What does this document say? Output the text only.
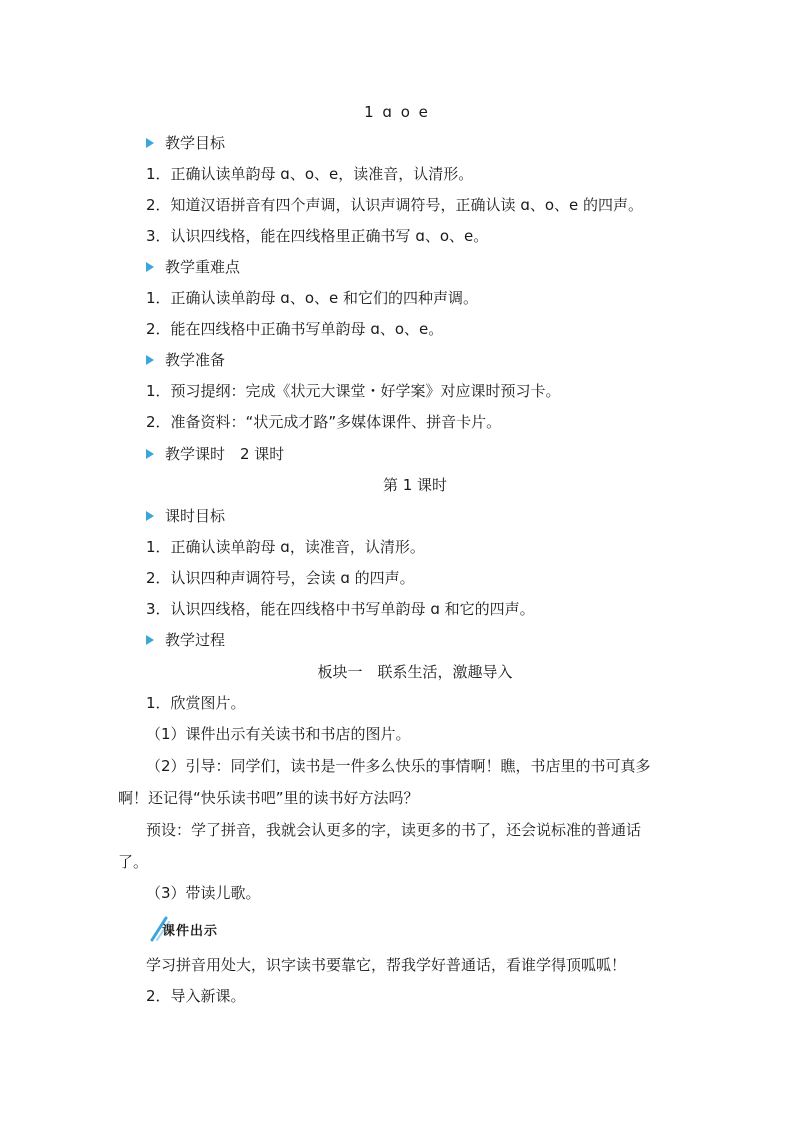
1 ɑ o e
教学目标
1．正确认读单韵母 ɑ、o、e，读准音，认清形。
2．知道汉语拼音有四个声调，认识声调符号，正确认读 ɑ、o、e 的四声。
3．认识四线格，能在四线格里正确书写 ɑ、o、e。
教学重难点
1．正确认读单韵母 ɑ、o、e 和它们的四种声调。
2．能在四线格中正确书写单韵母 ɑ、o、e。
教学准备
1．预习提纲：完成《状元大课堂・好学案》对应课时预习卡。
2．准备资料：“状元成才路”多媒体课件、拼音卡片。
教学课时　2 课时
第 1 课时
课时目标
1．正确认读单韵母 ɑ，读准音，认清形。
2．认识四种声调符号，会读 ɑ 的四声。
3．认识四线格，能在四线格中书写单韵母 ɑ 和它的四声。
教学过程
板块一　联系生活，激趣导入
1．欣赏图片。
（1）课件出示有关读书和书店的图片。
（2）引导：同学们，读书是一件多么快乐的事情啊！瞧，书店里的书可真多
啊！还记得“快乐读书吧”里的读书好方法吗？
预设：学了拼音，我就会认更多的字，读更多的书了，还会说标准的普通话
了。
（3）带读儿歌。
课件出示
学习拼音用处大，识字读书要靠它，帮我学好普通话，看谁学得顶呱呱！
2．导入新课。
